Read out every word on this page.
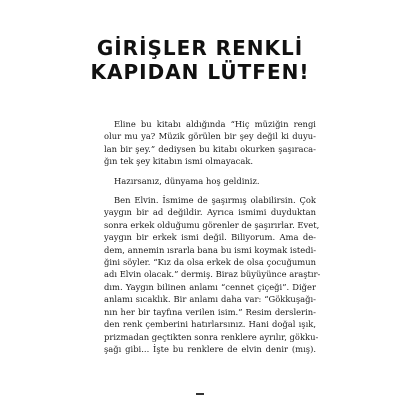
GİRİŞLER RENKLİ
KAPIDAN LÜTFEN!

Eline bu kitabı aldığında “Hiç müziğin rengi
olur mu ya? Müzik görülen bir şey değil ki duyu-
lan bir şey.” dediysen bu kitabı okurken şaşıraca-
ğın tek şey kitabın ismi olmayacak.

Hazırsanız, dünyama hoş geldiniz.

Ben Elvin. İsmime de şaşırmış olabilirsin. Çok
yaygın bir ad değildir. Ayrıca ismimi duyduktan
sonra erkek olduğumu görenler de şaşırırlar. Evet,
yaygın bir erkek ismi değil. Biliyorum. Ama de-
dem, annemin ısrarla bana bu ismi koymak istedi-
ğini söyler. “Kız da olsa erkek de olsa çocuğumun
adı Elvin olacak.” dermiş. Biraz büyüyünce araştır-
dım. Yaygın bilinen anlamı “cennet çiçeği”. Diğer
anlamı sıcaklık. Bir anlamı daha var: “Gökkuşağı-
nın her bir tayfına verilen isim.” Resim derslerin-
den renk çemberini hatırlarsınız. Hani doğal ışık,
prizmadan geçtikten sonra renklere ayrılır, gökku-
şağı gibi... İşte bu renklere de elvin denir (mış).
